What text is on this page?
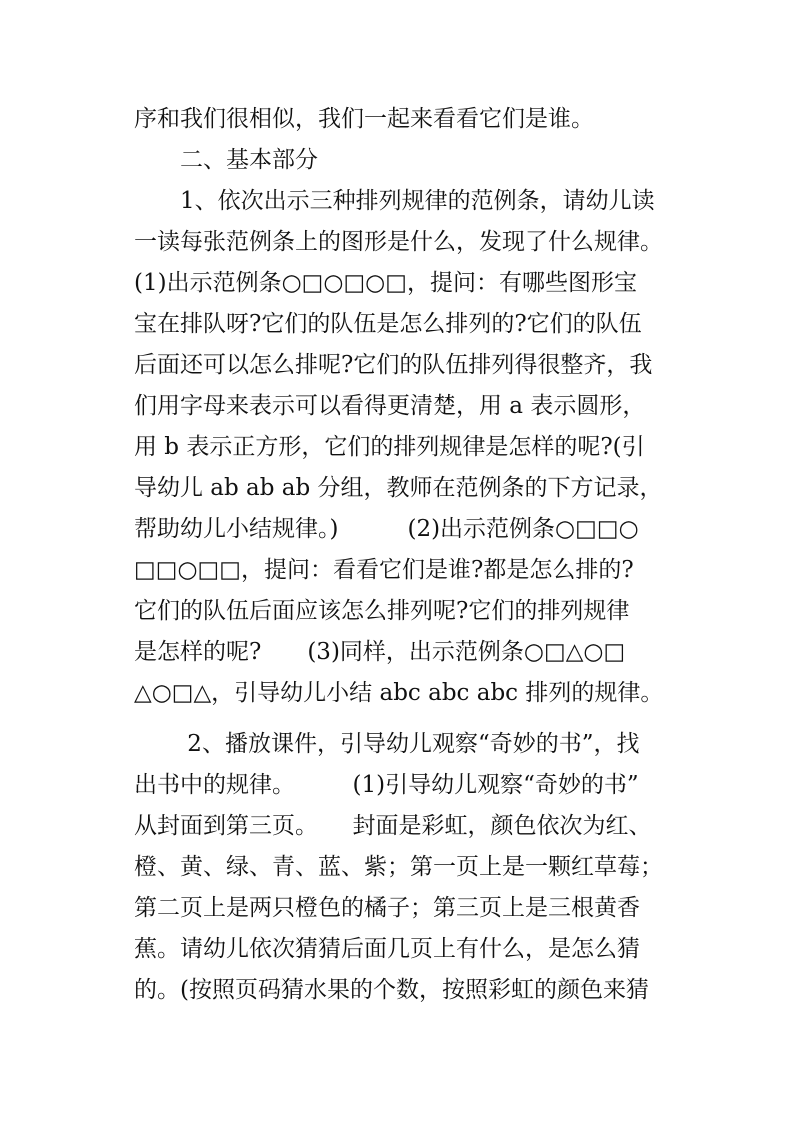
序和我们很相似，我们一起来看看它们是谁。
　　二、基本部分
　　1、依次出示三种排列规律的范例条，请幼儿读
一读每张范例条上的图形是什么，发现了什么规律。
(1)出示范例条○□○□○□，提问：有哪些图形宝
宝在排队呀?它们的队伍是怎么排列的?它们的队伍
后面还可以怎么排呢?它们的队伍排列得很整齐，我
们用字母来表示可以看得更清楚，用 a 表示圆形，
用 b 表示正方形，它们的排列规律是怎样的呢?(引
导幼儿 ab ab ab 分组，教师在范例条的下方记录，
帮助幼儿小结规律。)　　　(2)出示范例条○□□○
□□○□□，提问：看看它们是谁?都是怎么排的?
它们的队伍后面应该怎么排列呢?它们的排列规律
是怎样的呢?　　(3)同样，出示范例条○□△○□
△○□△，引导幼儿小结 abc abc abc 排列的规律。
　　 2、播放课件，引导幼儿观察“奇妙的书”，找
出书中的规律。　　　(1)引导幼儿观察“奇妙的书”
从封面到第三页。　　封面是彩虹，颜色依次为红、
橙、黄、绿、青、蓝、紫；第一页上是一颗红草莓；
第二页上是两只橙色的橘子；第三页上是三根黄香
蕉。请幼儿依次猜猜后面几页上有什么，是怎么猜
的。(按照页码猜水果的个数，按照彩虹的颜色来猜
